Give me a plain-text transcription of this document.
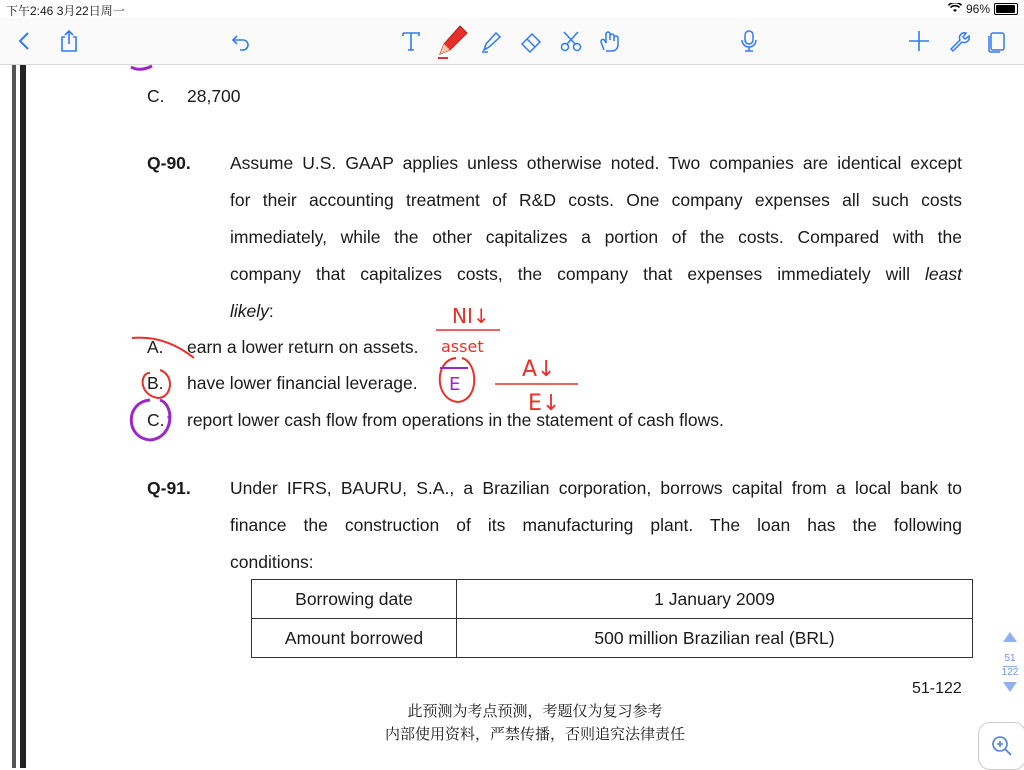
下午2:46 3月22日周一	96%
C. 28,700
Q-90. Assume U.S. GAAP applies unless otherwise noted. Two companies are identical except
for their accounting treatment of R&D costs. One company expenses all such costs
immediately, while the other capitalizes a portion of the costs. Compared with the
company that capitalizes costs, the company that expenses immediately will least
likely:
A. earn a lower return on assets.
B. have lower financial leverage.
C. report lower cash flow from operations in the statement of cash flows.
Q-91. Under IFRS, BAURU, S.A., a Brazilian corporation, borrows capital from a local bank to
finance the construction of its manufacturing plant. The loan has the following
conditions:
Borrowing date	1 January 2009
Amount borrowed	500 million Brazilian real (BRL)
51-122
此预测为考点预测，考题仅为复习参考
内部使用资料，严禁传播，否则追究法律责任
51
122
NI↓
asset
E
A↓
E↓
